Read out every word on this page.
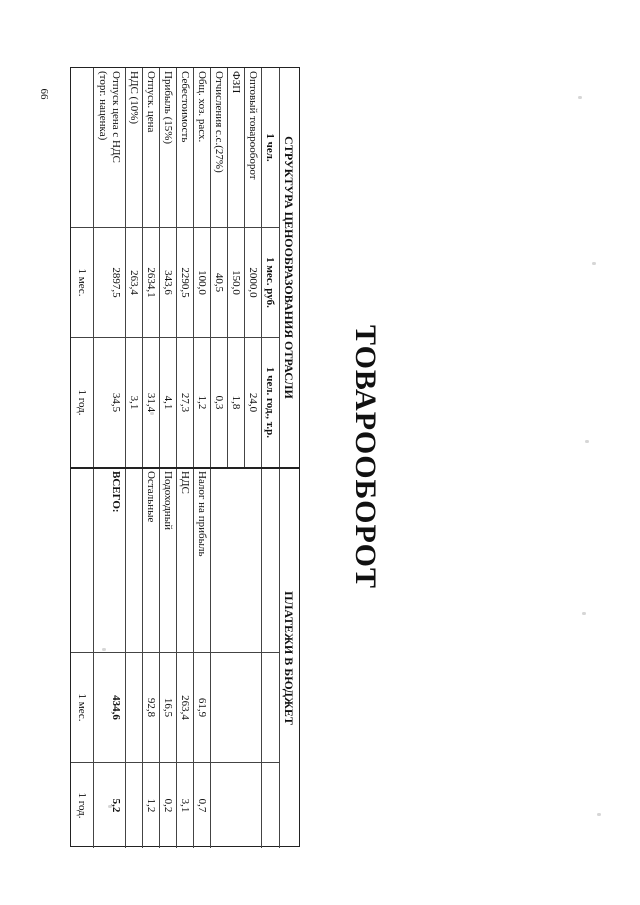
66
ТОВАРООБОРОТ
СТРУКТУРА ЦЕНООБРАЗОВАНИЯ ОТРАСЛИ
ПЛАТЕЖИ В БЮДЖЕТ
1 чел.
1 мес. руб.
1 чел. год., т.р.
Оптовый товарооборот
2000,0
24,0
ФЗП
150,0
1,8
Отчисления с.с.(27%)
40,5
0,3
Общ. хоз. расх.
100,0
1,2
Себестоимость
2290,5
27,3
Прибыль (15%)
343,6
4,1
Отпуск. цена
2634,1
31,4
НДС (10%)
263,4
3,1
Отпуск цена с НДС
(торг. наценка)
2897,5
34,5
1 мес.
1 год.
Налог на прибыль
61,9
0,7
НДС
263,4
3,1
Подоходный
16,5
0,2
Остальные
92,8
1,2
ВСЕГО:
434,6
5,2
1 мес.
1 год.
